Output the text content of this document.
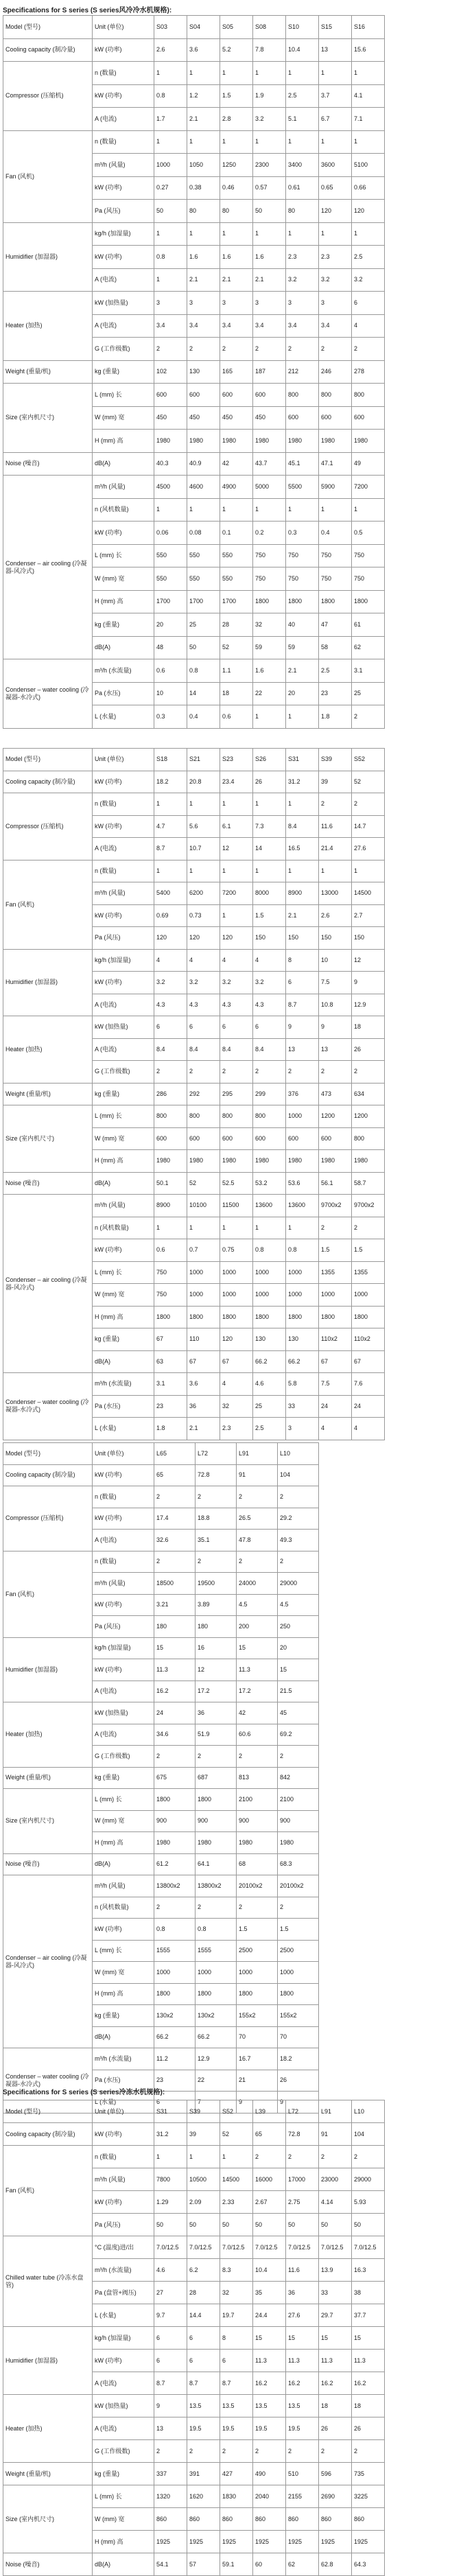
Specifications for S series (S series风冷冷水机规格):
Model (型号)	Unit (单位)	S03	S04	S05	S08	S10	S15	S16
Cooling capacity (制冷量)	kW (功率)	2.6	3.6	5.2	7.8	10.4	13	15.6
Compressor (压缩机)	n (数量)	1	1	1	1	1	1	1
	kW (功率)	0.8	1.2	1.5	1.9	2.5	3.7	4.1
	A (电流)	1.7	2.1	2.8	3.2	5.1	6.7	7.1
Fan (风机)	n (数量)	1	1	1	1	1	1	1
	m³/h (风量)	1000	1050	1250	2300	3400	3600	5100
	kW (功率)	0.27	0.38	0.46	0.57	0.61	0.65	0.66
	Pa (风压)	50	80	80	50	80	120	120
Humidifier (加湿器)	kg/h (加湿量)	1	1	1	1	1	1	1
	kW (功率)	0.8	1.6	1.6	1.6	2.3	2.3	2.5
	A (电流)	1	2.1	2.1	2.1	3.2	3.2	3.2
Heater (加热)	kW (加热量)	3	3	3	3	3	3	6
	A (电流)	3.4	3.4	3.4	3.4	3.4	3.4	4
	G (工作级数)	2	2	2	2	2	2	2
Weight (重量/机)	kg (重量)	102	130	165	187	212	246	278
Size (室内机尺寸)	L (mm) 长	600	600	600	600	800	800	800
	W (mm) 宽	450	450	450	450	600	600	600
	H (mm) 高	1980	1980	1980	1980	1980	1980	1980
Noise (噪音)	dB(A)	40.3	40.9	42	43.7	45.1	47.1	49
Condenser – air cooling (冷凝器-风冷式)	m³/h (风量)	4500	4600	4900	5000	5500	5900	7200
	n (风机数量)	1	1	1	1	1	1	1
	kW (功率)	0.06	0.08	0.1	0.2	0.3	0.4	0.5
	L (mm) 长	550	550	550	750	750	750	750
	W (mm) 宽	550	550	550	750	750	750	750
	H (mm) 高	1700	1700	1700	1800	1800	1800	1800
	kg (重量)	20	25	28	32	40	47	61
	dB(A)	48	50	52	59	59	58	62
Condenser – water cooling (冷凝器-水冷式)	m³/h (水流量)	0.6	0.8	1.1	1.6	2.1	2.5	3.1
	Pa (水压)	10	14	18	22	20	23	25
	L (水量)	0.3	0.4	0.6	1	1	1.8	2
Model (型号)	Unit (单位)	S18	S21	S23	S26	S31	S39	S52
Cooling capacity (制冷量)	kW (功率)	18.2	20.8	23.4	26	31.2	39	52
Compressor (压缩机)	n (数量)	1	1	1	1	1	2	2
	kW (功率)	4.7	5.6	6.1	7.3	8.4	11.6	14.7
	A (电流)	8.7	10.7	12	14	16.5	21.4	27.6
Fan (风机)	n (数量)	1	1	1	1	1	1	1
	m³/h (风量)	5400	6200	7200	8000	8900	13000	14500
	kW (功率)	0.69	0.73	1	1.5	2.1	2.6	2.7
	Pa (风压)	120	120	120	150	150	150	150
Humidifier (加湿器)	kg/h (加湿量)	4	4	4	4	8	10	12
	kW (功率)	3.2	3.2	3.2	3.2	6	7.5	9
	A (电流)	4.3	4.3	4.3	4.3	8.7	10.8	12.9
Heater (加热)	kW (加热量)	6	6	6	6	9	9	18
	A (电流)	8.4	8.4	8.4	8.4	13	13	26
	G (工作级数)	2	2	2	2	2	2	2
Weight (重量/机)	kg (重量)	286	292	295	299	376	473	634
Size (室内机尺寸)	L (mm) 长	800	800	800	800	1000	1200	1200
	W (mm) 宽	600	600	600	600	600	600	800
	H (mm) 高	1980	1980	1980	1980	1980	1980	1980
Noise (噪音)	dB(A)	50.1	52	52.5	53.2	53.6	56.1	58.7
Condenser – air cooling (冷凝器-风冷式)	m³/h (风量)	8900	10100	11500	13600	13600	9700x2	9700x2
	n (风机数量)	1	1	1	1	1	2	2
	kW (功率)	0.6	0.7	0.75	0.8	0.8	1.5	1.5
	L (mm) 长	750	1000	1000	1000	1000	1355	1355
	W (mm) 宽	750	1000	1000	1000	1000	1000	1000
	H (mm) 高	1800	1800	1800	1800	1800	1800	1800
	kg (重量)	67	110	120	130	130	110x2	110x2
	dB(A)	63	67	67	66.2	66.2	67	67
Condenser – water cooling (冷凝器-水冷式)	m³/h (水流量)	3.1	3.6	4	4.6	5.8	7.5	7.6
	Pa (水压)	23	36	32	25	33	24	24
	L (水量)	1.8	2.1	2.3	2.5	3	4	4
Model (型号)	Unit (单位)	L65	L72	L91	L10
Cooling capacity (制冷量)	kW (功率)	65	72.8	91	104
Compressor (压缩机)	n (数量)	2	2	2	2
	kW (功率)	17.4	18.8	26.5	29.2
	A (电流)	32.6	35.1	47.8	49.3
Fan (风机)	n (数量)	2	2	2	2
	m³/h (风量)	18500	19500	24000	29000
	kW (功率)	3.21	3.89	4.5	4.5
	Pa (风压)	180	180	200	250
Humidifier (加湿器)	kg/h (加湿量)	15	16	15	20
	kW (功率)	11.3	12	11.3	15
	A (电流)	16.2	17.2	17.2	21.5
Heater (加热)	kW (加热量)	24	36	42	45
	A (电流)	34.6	51.9	60.6	69.2
	G (工作级数)	2	2	2	2
Weight (重量/机)	kg (重量)	675	687	813	842
Size (室内机尺寸)	L (mm) 长	1800	1800	2100	2100
	W (mm) 宽	900	900	900	900
	H (mm) 高	1980	1980	1980	1980
Noise (噪音)	dB(A)	61.2	64.1	68	68.3
Condenser – air cooling (冷凝器-风冷式)	m³/h (风量)	13800x2	13800x2	20100x2	20100x2
	n (风机数量)	2	2	2	2
	kW (功率)	0.8	0.8	1.5	1.5
	L (mm) 长	1555	1555	2500	2500
	W (mm) 宽	1000	1000	1000	1000
	H (mm) 高	1800	1800	1800	1800
	kg (重量)	130x2	130x2	155x2	155x2
	dB(A)	66.2	66.2	70	70
Condenser – water cooling (冷凝器-水冷式)	m³/h (水流量)	11.2	12.9	16.7	18.2
	Pa (水压)	23	22	21	26
	L (水量)	6	7	9	9
Specifications for S series (S series冷冻水机规格):
Model (型号)	Unit (单位)	S31	S39	S52	L39	L72	L91	L10
Cooling capacity (制冷量)	kW (功率)	31.2	39	52	65	72.8	91	104
Fan (风机)	n (数量)	1	1	1	2	2	2	2
	m³/h (风量)	7800	10500	14500	16000	17000	23000	29000
	kW (功率)	1.29	2.09	2.33	2.67	2.75	4.14	5.93
	Pa (风压)	50	50	50	50	50	50	50
Chilled water tube (冷冻水盘管)	°C (温度)进/出	7.0/12.5	7.0/12.5	7.0/12.5	7.0/12.5	7.0/12.5	7.0/12.5	7.0/12.5
	m³/h (水流量)	4.6	6.2	8.3	10.4	11.6	13.9	16.3
	Pa (盘管+阀压)	27	28	32	35	36	33	38
	L (水量)	9.7	14.4	19.7	24.4	27.6	29.7	37.7
Humidifier (加湿器)	kg/h (加湿量)	6	6	8	15	15	15	15
	kW (功率)	6	6	6	11.3	11.3	11.3	11.3
	A (电流)	8.7	8.7	8.7	16.2	16.2	16.2	16.2
Heater (加热)	kW (加热量)	9	13.5	13.5	13.5	13.5	18	18
	A (电流)	13	19.5	19.5	19.5	19.5	26	26
	G (工作级数)	2	2	2	2	2	2	2
Weight (重量/机)	kg (重量)	337	391	427	490	510	596	735
Size (室内机尺寸)	L (mm) 长	1320	1620	1830	2040	2155	2690	3225
	W (mm) 宽	860	860	860	860	860	860	860
	H (mm) 高	1925	1925	1925	1925	1925	1925	1925
Noise (噪音)	dB(A)	54.1	57	59.1	60	62	62.8	64.3
